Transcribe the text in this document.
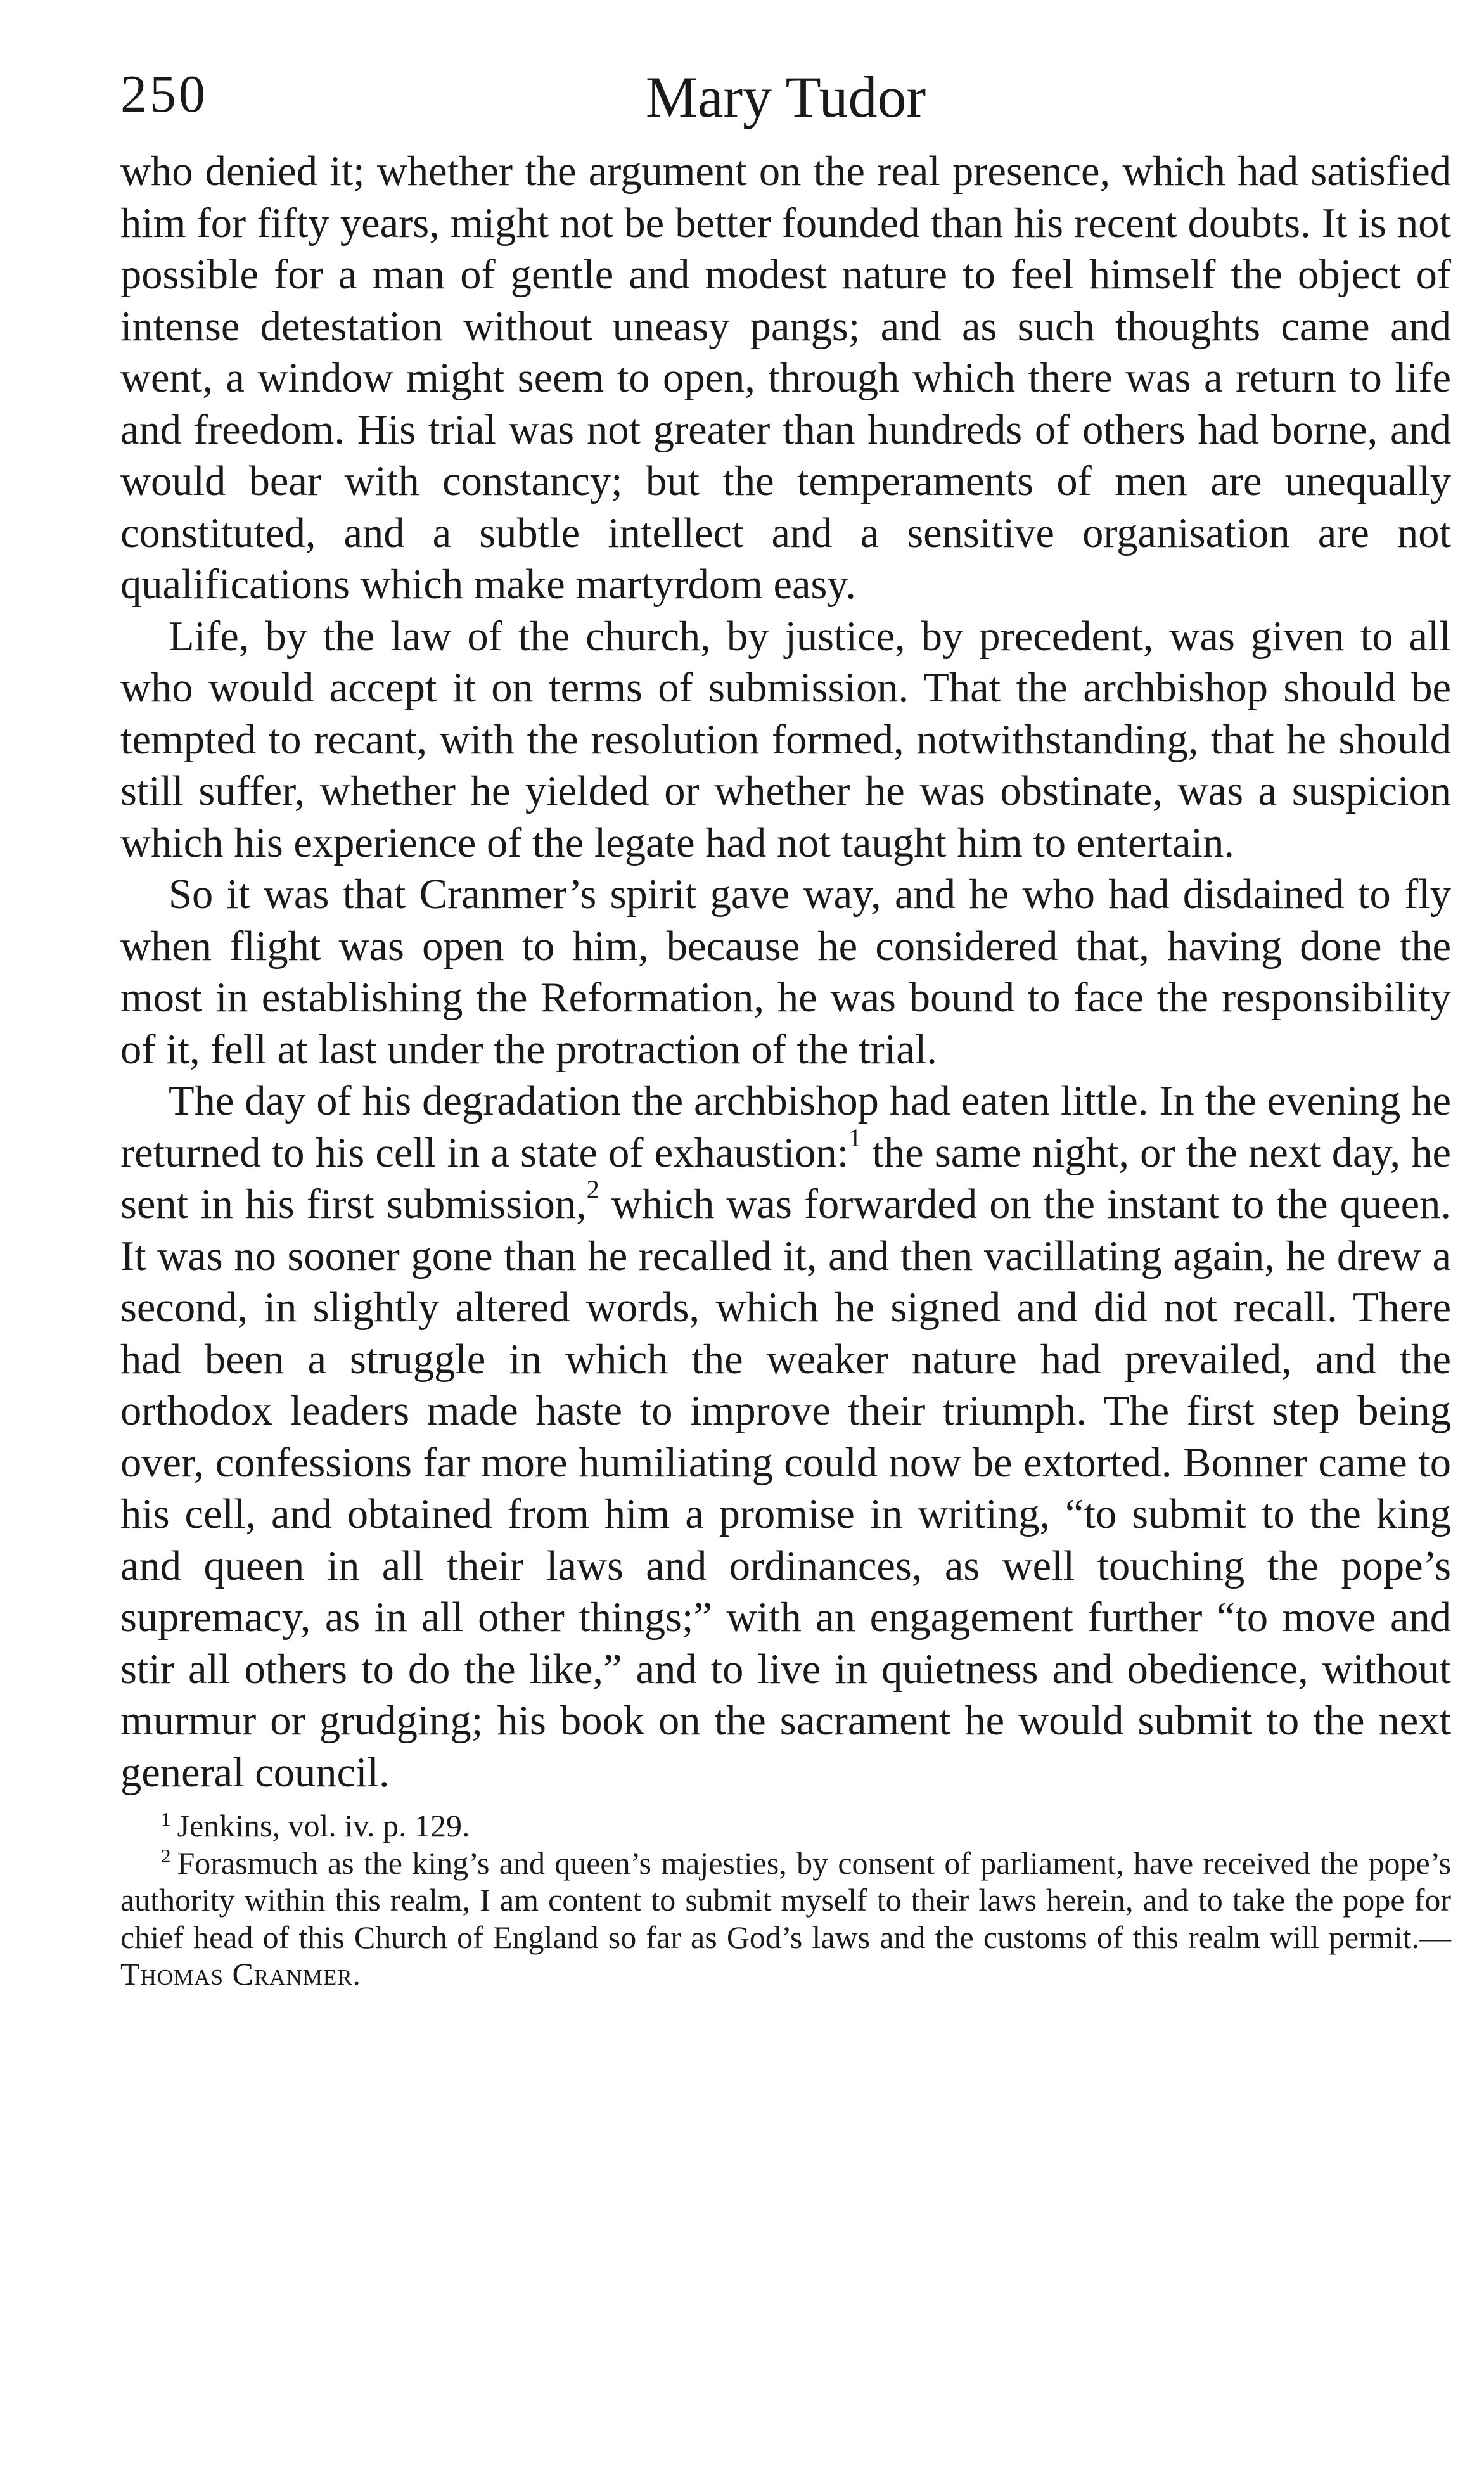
250	Mary Tudor

who denied it; whether the argument on the real presence, which had satisfied him for fifty years, might not be better founded than his recent doubts. It is not possible for a man of gentle and modest nature to feel himself the object of intense detestation without uneasy pangs; and as such thoughts came and went, a window might seem to open, through which there was a return to life and freedom. His trial was not greater than hundreds of others had borne, and would bear with constancy; but the temperaments of men are unequally constituted, and a subtle intellect and a sensitive organisation are not qualifications which make martyrdom easy.

Life, by the law of the church, by justice, by precedent, was given to all who would accept it on terms of submission. That the archbishop should be tempted to recant, with the resolution formed, notwithstanding, that he should still suffer, whether he yielded or whether he was obstinate, was a suspicion which his experience of the legate had not taught him to entertain.

So it was that Cranmer’s spirit gave way, and he who had disdained to fly when flight was open to him, because he considered that, having done the most in establishing the Reformation, he was bound to face the responsibility of it, fell at last under the protraction of the trial.

The day of his degradation the archbishop had eaten little. In the evening he returned to his cell in a state of exhaustion:$^1$ the same night, or the next day, he sent in his first submission,$^2$ which was forwarded on the instant to the queen. It was no sooner gone than he recalled it, and then vacillating again, he drew a second, in slightly altered words, which he signed and did not recall. There had been a struggle in which the weaker nature had prevailed, and the orthodox leaders made haste to improve their triumph. The first step being over, confessions far more humiliating could now be extorted. Bonner came to his cell, and obtained from him a promise in writing, “to submit to the king and queen in all their laws and ordinances, as well touching the pope’s supremacy, as in all other things;” with an engagement further “to move and stir all others to do the like,” and to live in quietness and obedience, without murmur or grudging; his book on the sacrament he would submit to the next general council.

$^1$ Jenkins, vol. iv. p. 129.

$^2$ Forasmuch as the king’s and queen’s majesties, by consent of parliament, have received the pope’s authority within this realm, I am content to submit myself to their laws herein, and to take the pope for chief head of this Church of England so far as God’s laws and the customs of this realm will permit.—Thomas Cranmer.
